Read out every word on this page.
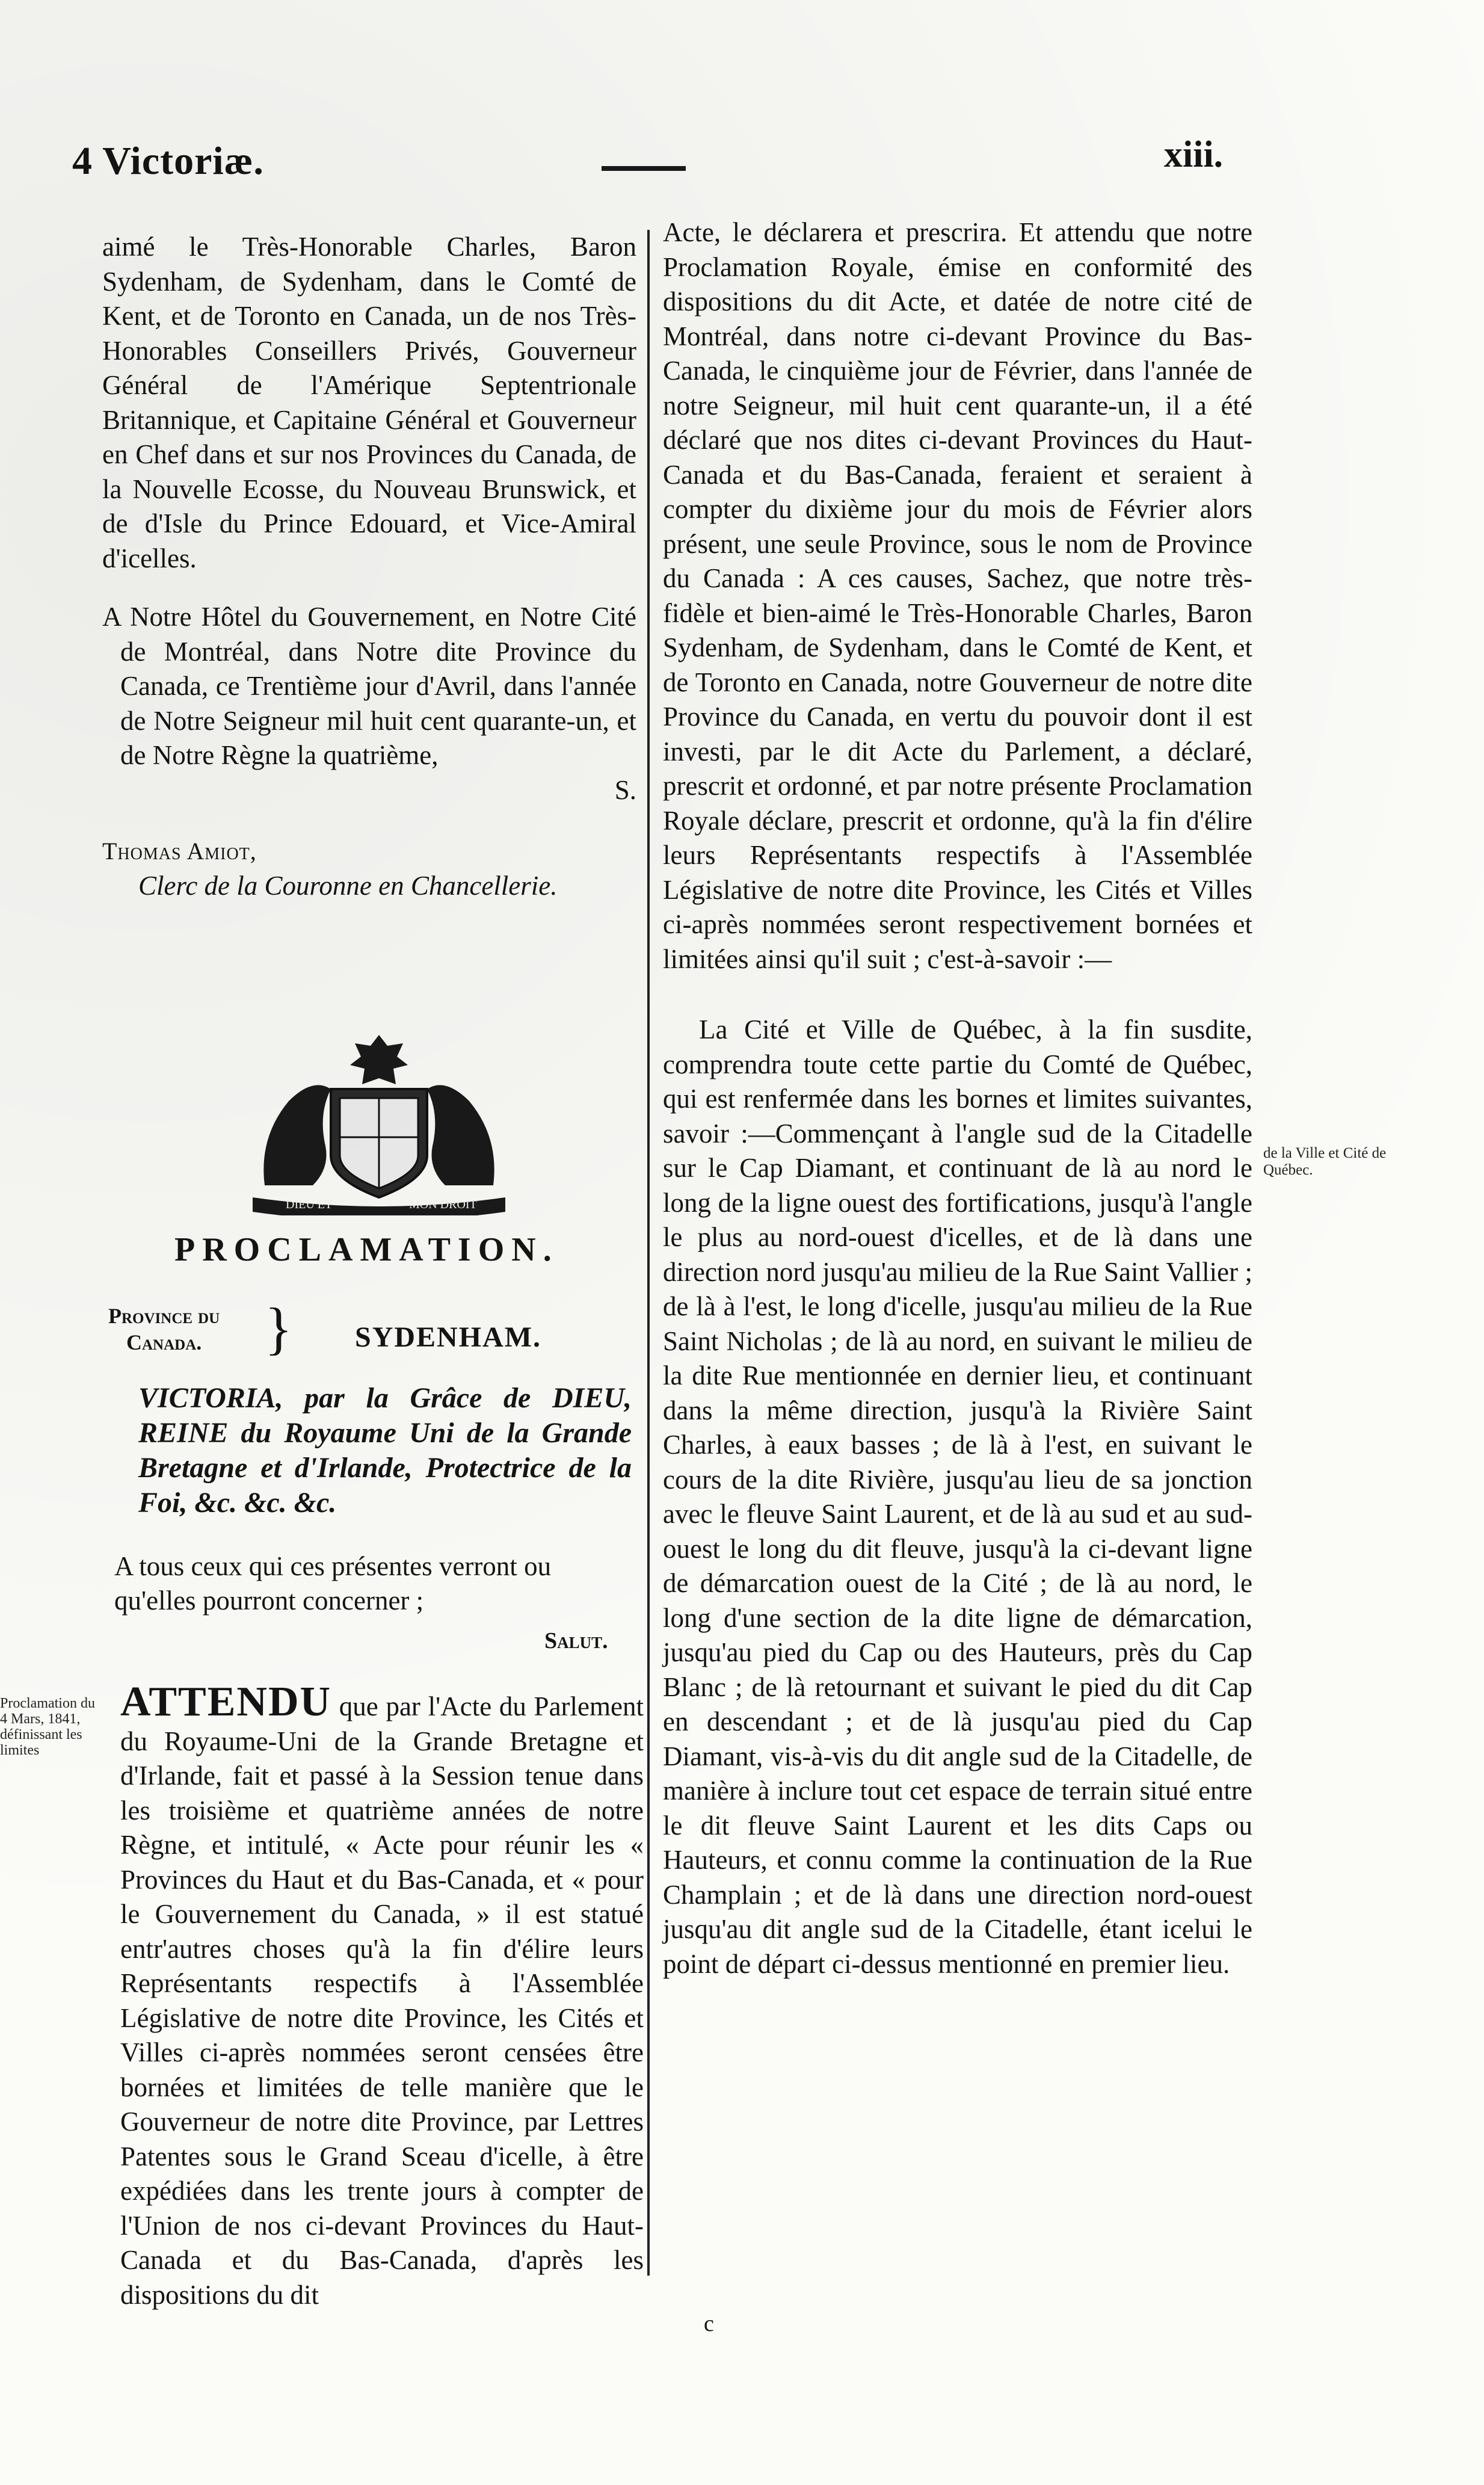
4 Victoriæ.	xiii.

aimé le Très-Honorable Charles, Baron Sydenham, de Sydenham, dans le Comté de Kent, et de Toronto en Canada, un de nos Très-Honorables Conseillers Privés, Gouverneur Général de l'Amérique Septentrionale Britannique, et Capitaine Général et Gouverneur en Chef dans et sur nos Provinces du Canada, de la Nouvelle Ecosse, du Nouveau Brunswick, et de d'Isle du Prince Edouard, et Vice-Amiral d'icelles.

A Notre Hôtel du Gouvernement, en Notre Cité de Montréal, dans Notre dite Province du Canada, ce Trentième jour d'Avril, dans l'année de Notre Seigneur mil huit cent quarante-un, et de Notre Règne la quatrième,

S.

Thomas Amiot,

Clerc de la Couronne en Chancellerie.

DIEU ET	MON DROIT
PROCLAMATION.
Province du
Canada.	} SYDENHAM.
VICTORIA, par la Grâce de DIEU, REINE du Royaume Uni de la Grande Bretagne et d'Irlande, Protectrice de la Foi, &c. &c. &c.
A tous ceux qui ces présentes verront ou qu'elles pourront concerner ;
Salut.
Proclamation du 4 Mars, 1841, définissant les limites
ATTENDU que par l'Acte du Parlement du Royaume-Uni de la Grande Bretagne et d'Irlande, fait et passé à la Session tenue dans les troisième et quatrième années de notre Règne, et intitulé, « Acte pour réunir les « Provinces du Haut et du Bas-Canada, et « pour le Gouvernement du Canada, » il est statué entr'autres choses qu'à la fin d'élire leurs Représentants respectifs à l'Assemblée Législative de notre dite Province, les Cités et Villes ci-après nommées seront censées être bornées et limitées de telle manière que le Gouverneur de notre dite Province, par Lettres Patentes sous le Grand Sceau d'icelle, à être expédiées dans les trente jours à compter de l'Union de nos ci-devant Provinces du Haut-Canada et du Bas-Canada, d'après les dispositions du dit

Acte, le déclarera et prescrira. Et attendu que notre Proclamation Royale, émise en conformité des dispositions du dit Acte, et datée de notre cité de Montréal, dans notre ci-devant Province du Bas-Canada, le cinquième jour de Février, dans l'année de notre Seigneur, mil huit cent quarante-un, il a été déclaré que nos dites ci-devant Provinces du Haut-Canada et du Bas-Canada, feraient et seraient à compter du dixième jour du mois de Février alors présent, une seule Province, sous le nom de Province du Canada : A ces causes, Sachez, que notre très-fidèle et bien-aimé le Très-Honorable Charles, Baron Sydenham, de Sydenham, dans le Comté de Kent, et de Toronto en Canada, notre Gouverneur de notre dite Province du Canada, en vertu du pouvoir dont il est investi, par le dit Acte du Parlement, a déclaré, prescrit et ordonné, et par notre présente Proclamation Royale déclare, prescrit et ordonne, qu'à la fin d'élire leurs Représentants respectifs à l'Assemblée Législative de notre dite Province, les Cités et Villes ci-après nommées seront respectivement bornées et limitées ainsi qu'il suit ; c'est-à-savoir :—

La Cité et Ville de Québec, à la fin susdite, comprendra toute cette partie du Comté de Québec, qui est renfermée dans les bornes et limites suivantes, savoir :—Commençant à l'angle sud de la Citadelle sur le Cap Diamant, et continuant de là au nord le long de la ligne ouest des fortifications, jusqu'à l'angle le plus au nord-ouest d'icelles, et de là dans une direction nord jusqu'au milieu de la Rue Saint Vallier ; de là à l'est, le long d'icelle, jusqu'au milieu de la Rue Saint Nicholas ; de là au nord, en suivant le milieu de la dite Rue mentionnée en dernier lieu, et continuant dans la même direction, jusqu'à la Rivière Saint Charles, à eaux basses ; de là à l'est, en suivant le cours de la dite Rivière, jusqu'au lieu de sa jonction avec le fleuve Saint Laurent, et de là au sud et au sud-ouest le long du dit fleuve, jusqu'à la ci-devant ligne de démarcation ouest de la Cité ; de là au nord, le long d'une section de la dite ligne de démarcation, jusqu'au pied du Cap ou des Hauteurs, près du Cap Blanc ; de là retournant et suivant le pied du dit Cap en descendant ; et de là jusqu'au pied du Cap Diamant, vis-à-vis du dit angle sud de la Citadelle, de manière à inclure tout cet espace de terrain situé entre le dit fleuve Saint Laurent et les dits Caps ou Hauteurs, et connu comme la continuation de la Rue Champlain ; et de là dans une direction nord-ouest jusqu'au dit angle sud de la Citadelle, étant icelui le point de départ ci-dessus mentionné en premier lieu.

de la Ville et Cité de Québec.
c
